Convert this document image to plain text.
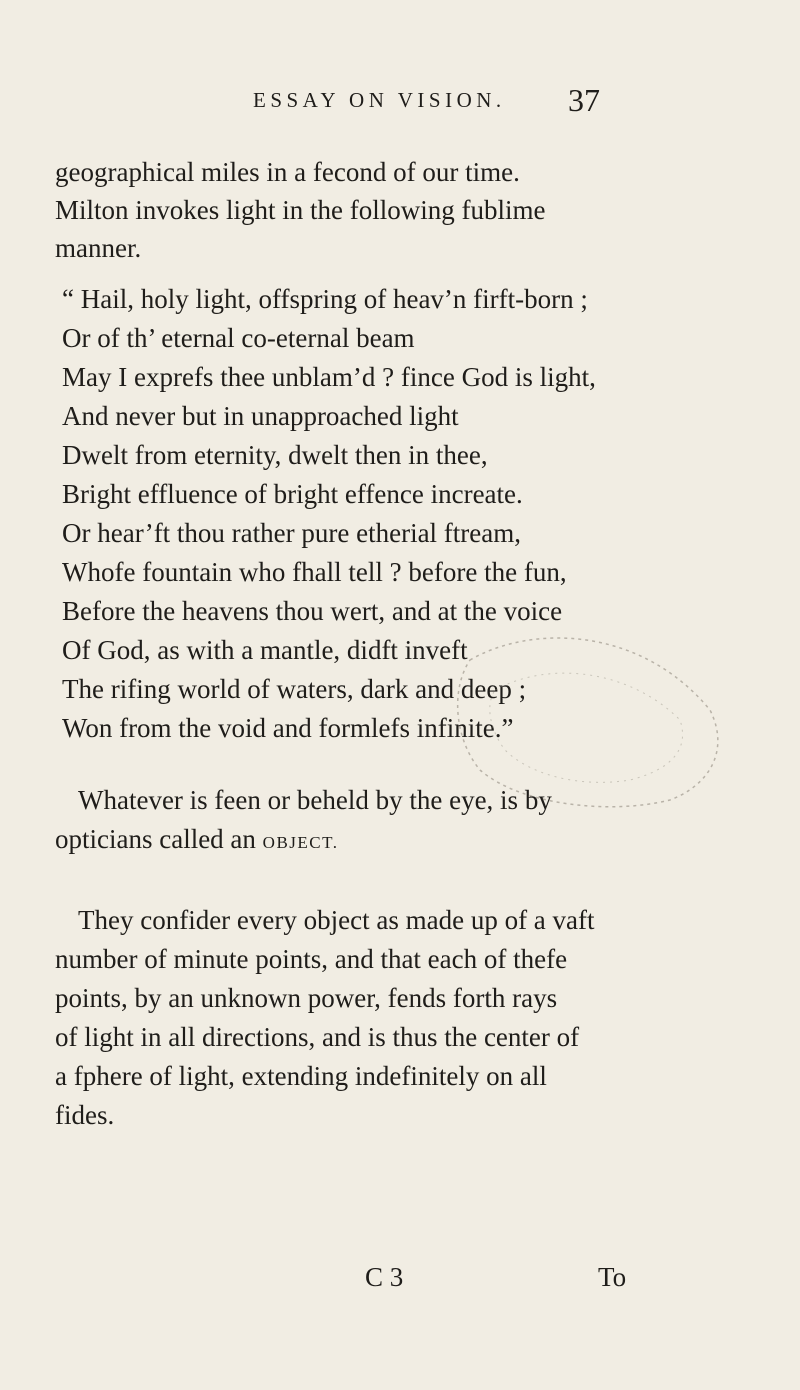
ESSAY ON VISION. 37
geographical miles in a fecond of our time.
Milton invokes light in the following fublime
manner.
“ Hail, holy light, offspring of heav’n firft-born ;
Or of th’ eternal co-eternal beam
May I exprefs thee unblam’d ? fince God is light,
And never but in unapproached light
Dwelt from eternity, dwelt then in thee,
Bright effluence of bright effence increate.
Or hear’ft thou rather pure etherial ftream,
Whofe fountain who fhall tell ? before the fun,
Before the heavens thou wert, and at the voice
Of God, as with a mantle, didft inveft
The rifing world of waters, dark and deep ;
Won from the void and formlefs infinite.”
Whatever is feen or beheld by the eye, is by
opticians called an OBJECT.
They confider every object as made up of a vaft
number of minute points, and that each of thefe
points, by an unknown power, fends forth rays
of light in all directions, and is thus the center of
a fphere of light, extending indefinitely on all
fides.
C 3	To
